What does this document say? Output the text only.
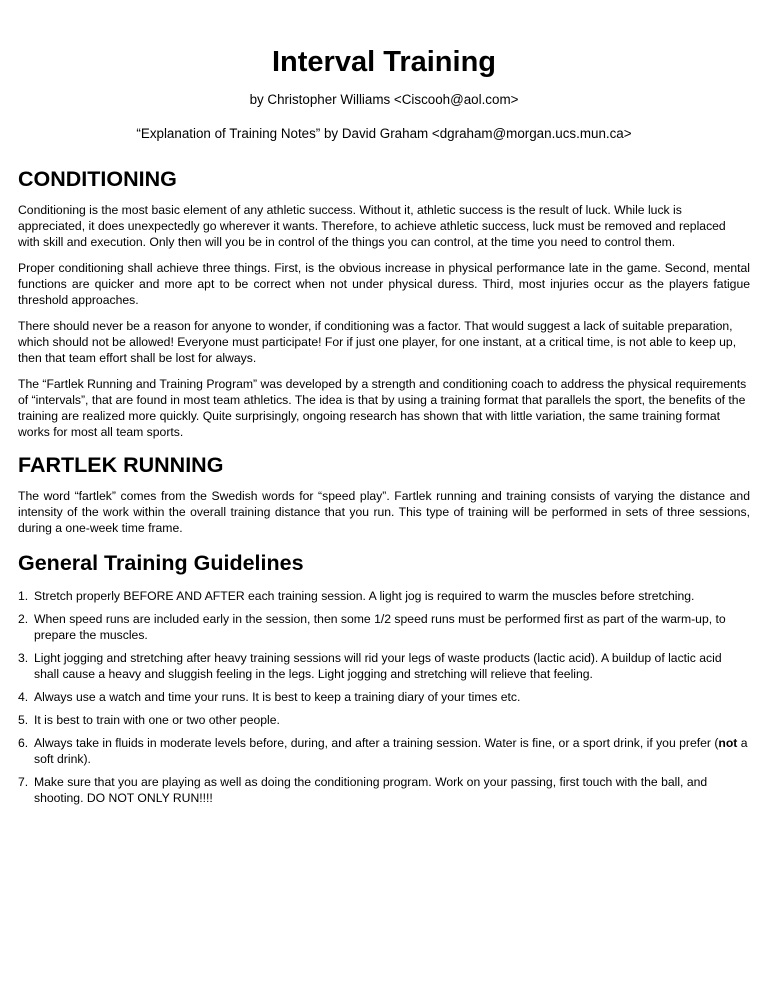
Interval Training

by Christopher Williams <Ciscooh@aol.com>

“Explanation of Training Notes” by David Graham <dgraham@morgan.ucs.mun.ca>

CONDITIONING

Conditioning is the most basic element of any athletic success. Without it, athletic success is the result of luck. While luck is appreciated, it does unexpectedly go wherever it wants. Therefore, to achieve athletic success, luck must be removed and replaced with skill and execution. Only then will you be in control of the things you can control, at the time you need to control them.

Proper conditioning shall achieve three things. First, is the obvious increase in physical performance late in the game. Second, mental functions are quicker and more apt to be correct when not under physical duress. Third, most injuries occur as the players fatigue threshold approaches.

There should never be a reason for anyone to wonder, if conditioning was a factor. That would suggest a lack of suitable preparation, which should not be allowed! Everyone must participate! For if just one player, for one instant, at a critical time, is not able to keep up, then that team effort shall be lost for always.

The “Fartlek Running and Training Program” was developed by a strength and conditioning coach to address the physical requirements of “intervals”, that are found in most team athletics. The idea is that by using a training format that parallels the sport, the benefits of the training are realized more quickly. Quite surprisingly, ongoing research has shown that with little variation, the same training format works for most all team sports.

FARTLEK RUNNING

The word “fartlek” comes from the Swedish words for “speed play”. Fartlek running and training consists of varying the distance and intensity of the work within the overall training distance that you run. This type of training will be performed in sets of three sessions, during a one-week time frame.

General Training Guidelines
1. Stretch properly BEFORE AND AFTER each training session. A light jog is required to warm the muscles before stretching.
2. When speed runs are included early in the session, then some 1/2 speed runs must be performed first as part of the warm-up, to prepare the muscles.
3. Light jogging and stretching after heavy training sessions will rid your legs of waste products (lactic acid). A buildup of lactic acid shall cause a heavy and sluggish feeling in the legs. Light jogging and stretching will relieve that feeling.
4. Always use a watch and time your runs. It is best to keep a training diary of your times etc.
5. It is best to train with one or two other people.
6. Always take in fluids in moderate levels before, during, and after a training session. Water is fine, or a sport drink, if you prefer (not a soft drink).
7. Make sure that you are playing as well as doing the conditioning program. Work on your passing, first touch with the ball, and shooting. DO NOT ONLY RUN!!!!
